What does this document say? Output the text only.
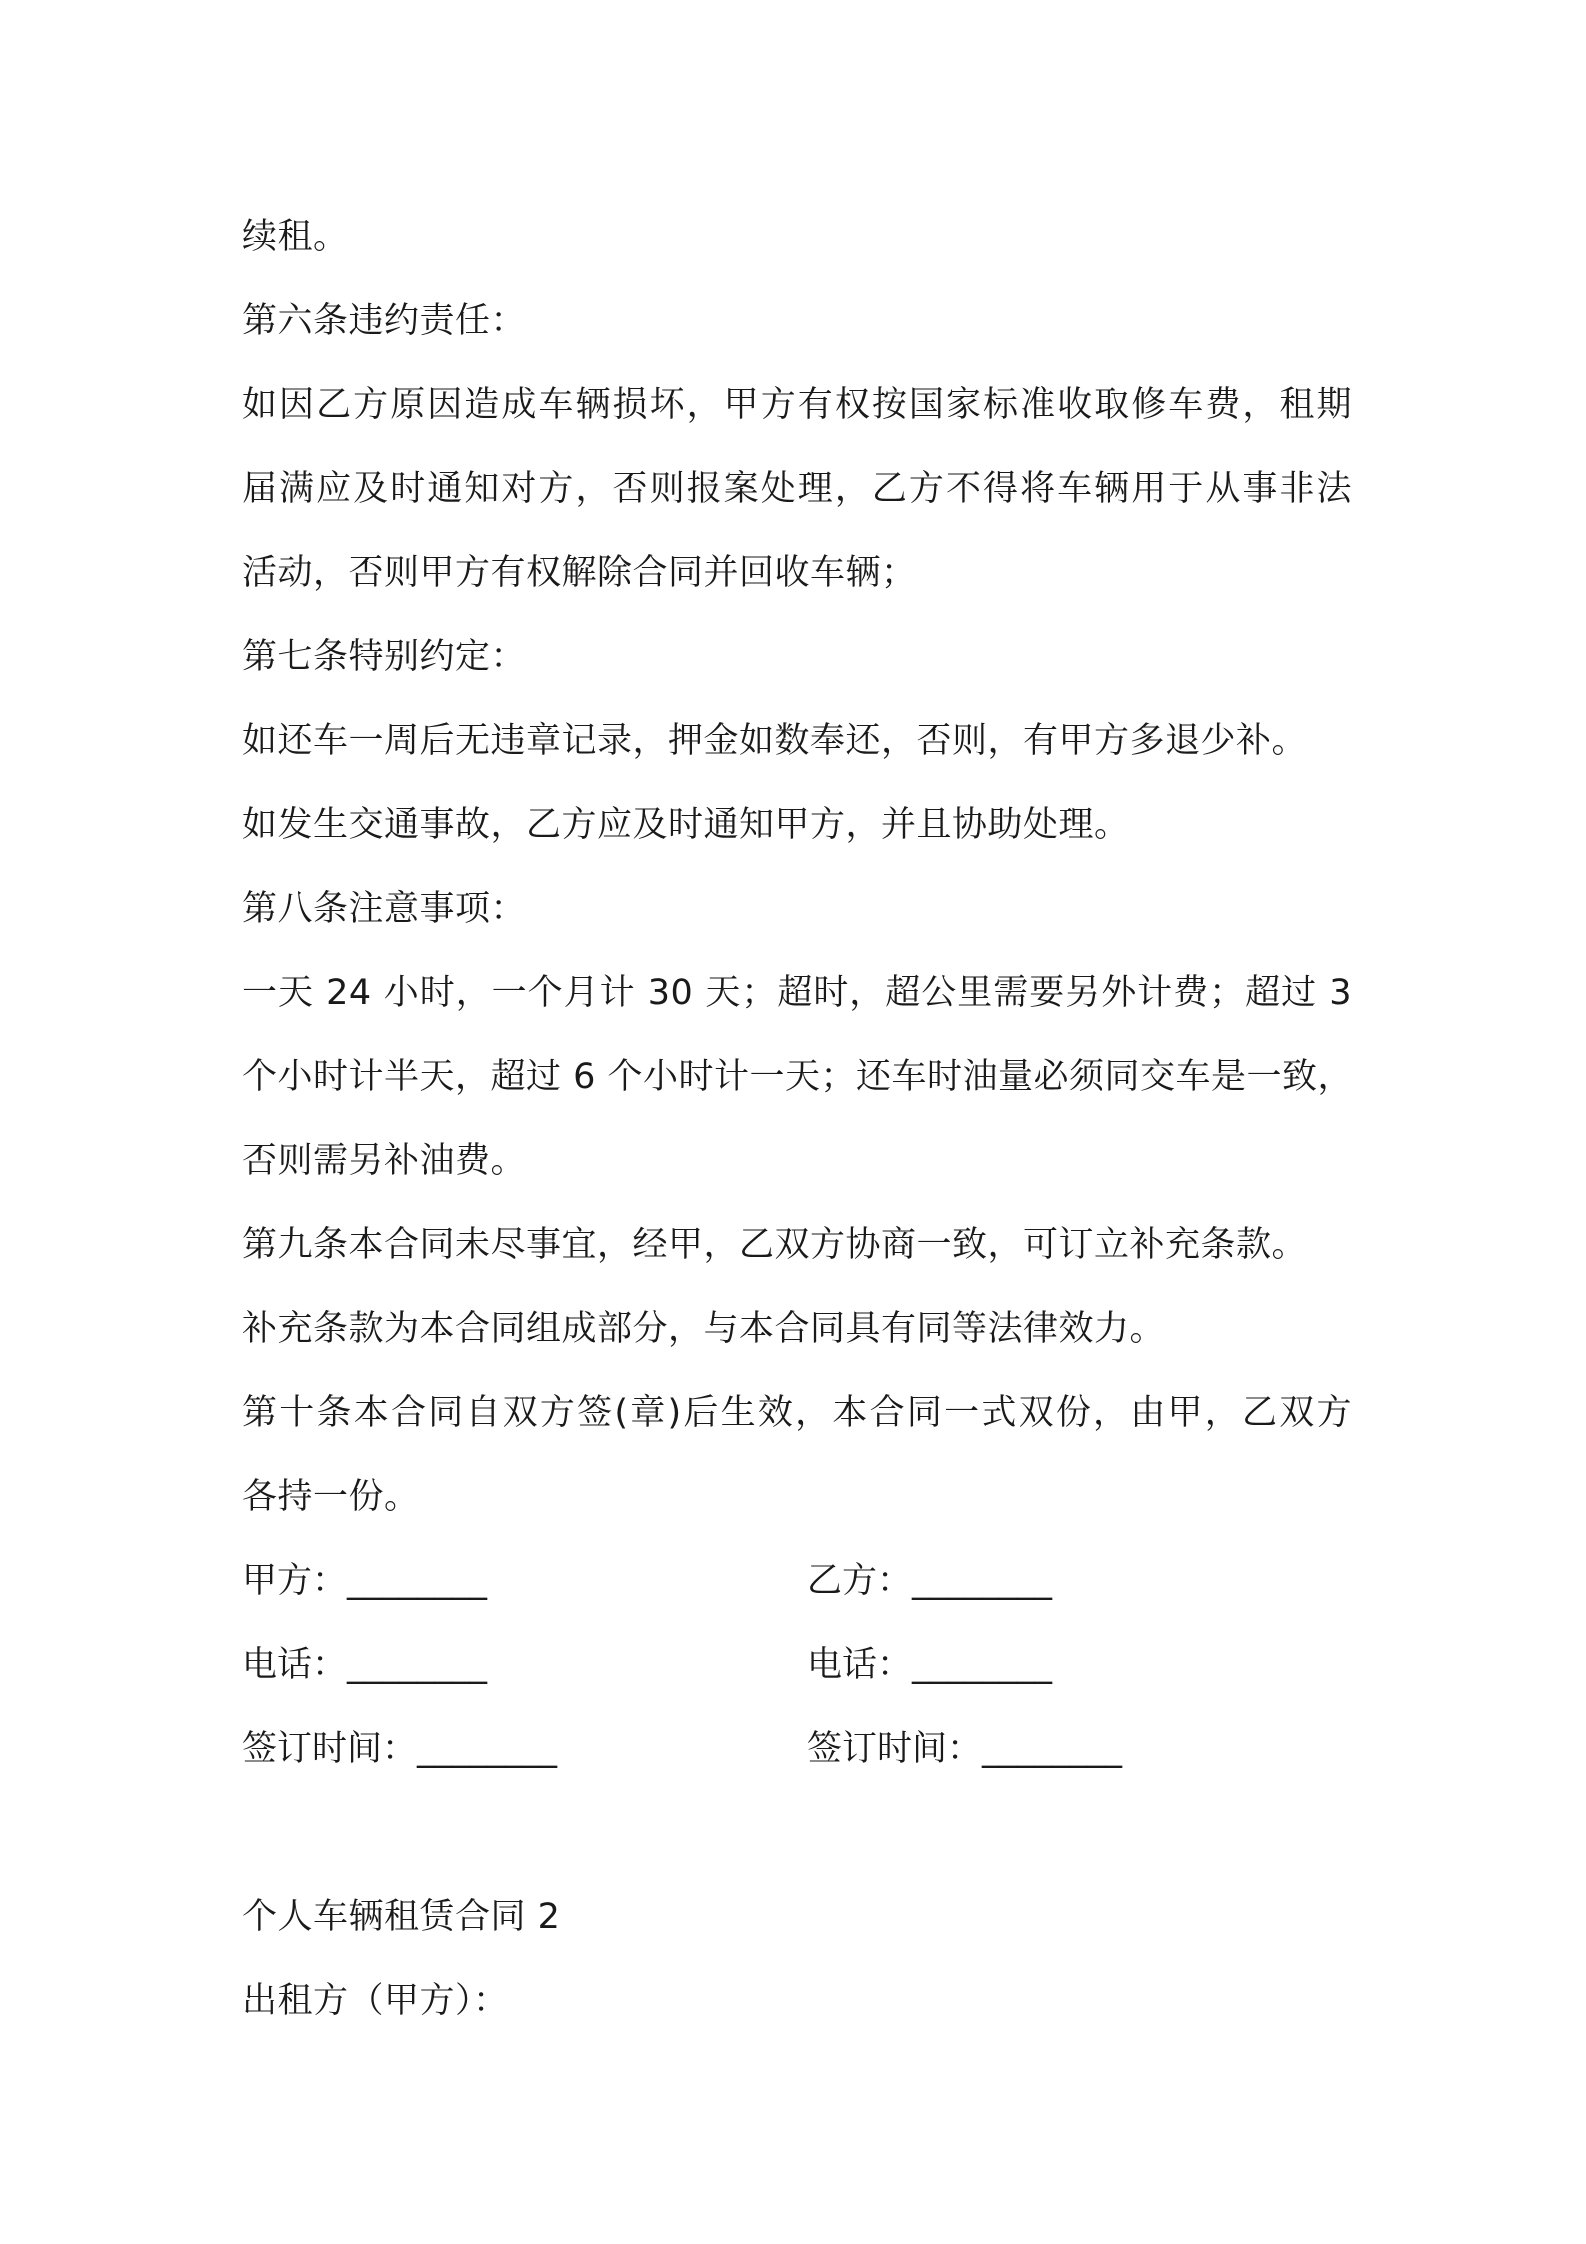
续租。
第六条违约责任：
如因乙方原因造成车辆损坏，甲方有权按国家标准收取修车费，租期
届满应及时通知对方，否则报案处理，乙方不得将车辆用于从事非法
活动，否则甲方有权解除合同并回收车辆；
第七条特别约定：
如还车一周后无违章记录，押金如数奉还，否则，有甲方多退少补。
如发生交通事故，乙方应及时通知甲方，并且协助处理。
第八条注意事项：
一天 24 小时，一个月计 30 天；超时，超公里需要另外计费；超过 3
个小时计半天，超过 6 个小时计一天；还车时油量必须同交车是一致，
否则需另补油费。
第九条本合同未尽事宜，经甲，乙双方协商一致，可订立补充条款。
补充条款为本合同组成部分，与本合同具有同等法律效力。
第十条本合同自双方签(章)后生效，本合同一式双份，由甲，乙双方
各持一份。
甲方：________	乙方：________
电话：________	电话：________
签订时间：________	签订时间：________
个人车辆租赁合同 2
出租方（甲方）：
